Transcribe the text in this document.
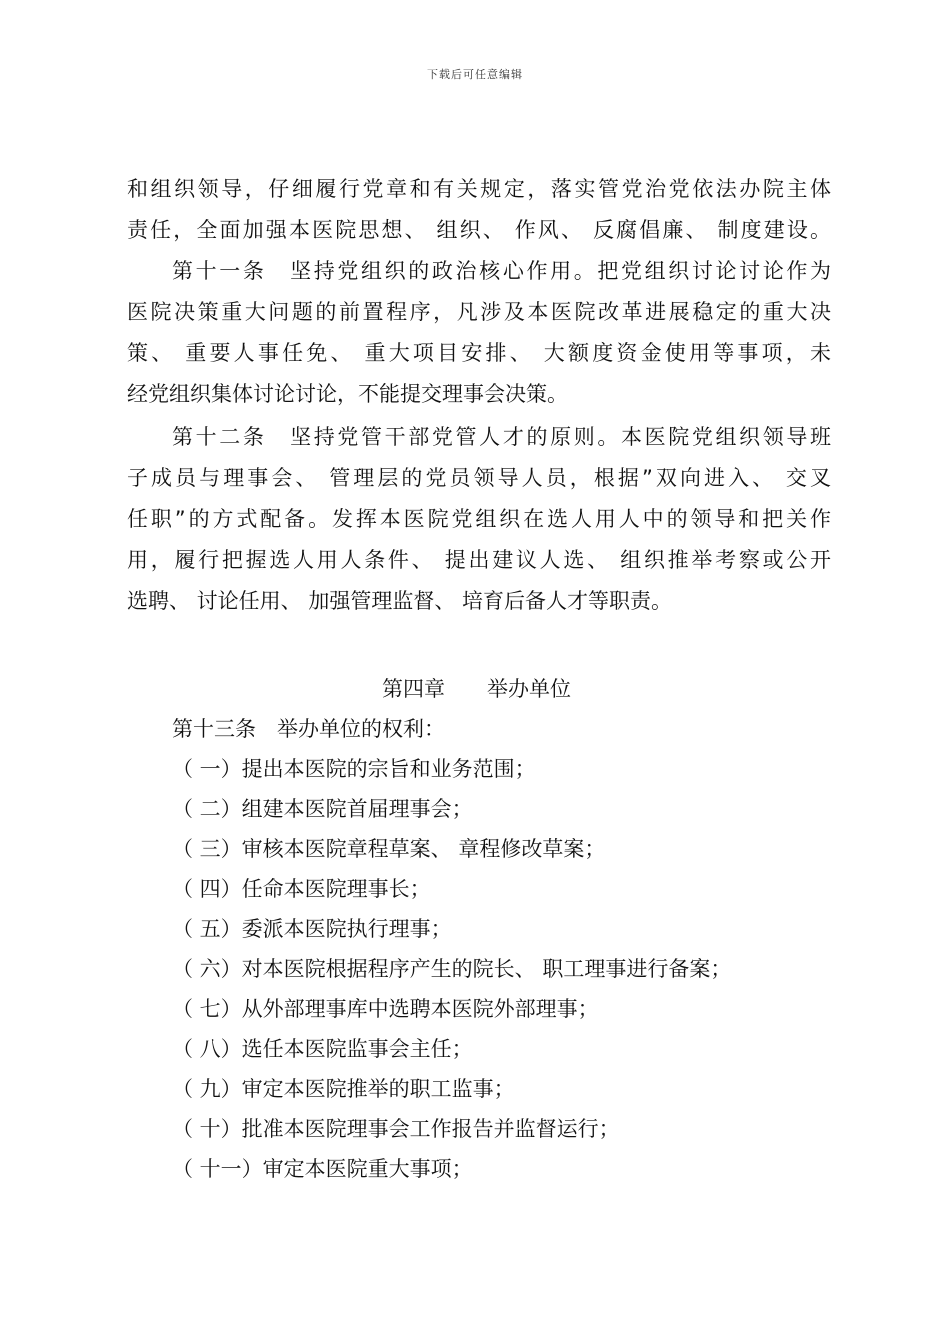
下载后可任意编辑
和组织领导，仔细履行党章和有关规定，落实管党治党依法办院主体
责任，全面加强本医院思想、 组织、 作风、 反腐倡廉、 制度建设。
第十一条　坚持党组织的政治核心作用。把党组织讨论讨论作为
医院决策重大问题的前置程序，凡涉及本医院改革进展稳定的重大决
策、 重要人事任免、 重大项目安排、 大额度资金使用等事项，未
经党组织集体讨论讨论，不能提交理事会决策。
第十二条　坚持党管干部党管人才的原则。本医院党组织领导班
子成员与理事会、 管理层的党员领导人员，根据”双向进入、 交叉
任职”的方式配备。发挥本医院党组织在选人用人中的领导和把关作
用，履行把握选人用人条件、 提出建议人选、 组织推举考察或公开
选聘、 讨论任用、 加强管理监督、 培育后备人才等职责。
第四章　　举办单位
第十三条　举办单位的权利：
（ 一）提出本医院的宗旨和业务范围；
（ 二）组建本医院首届理事会；
（ 三）审核本医院章程草案、 章程修改草案；
（ 四）任命本医院理事长；
（ 五）委派本医院执行理事；
（ 六）对本医院根据程序产生的院长、 职工理事进行备案；
（ 七）从外部理事库中选聘本医院外部理事；
（ 八）选任本医院监事会主任；
（ 九）审定本医院推举的职工监事；
（ 十）批准本医院理事会工作报告并监督运行；
（ 十一）审定本医院重大事项；
